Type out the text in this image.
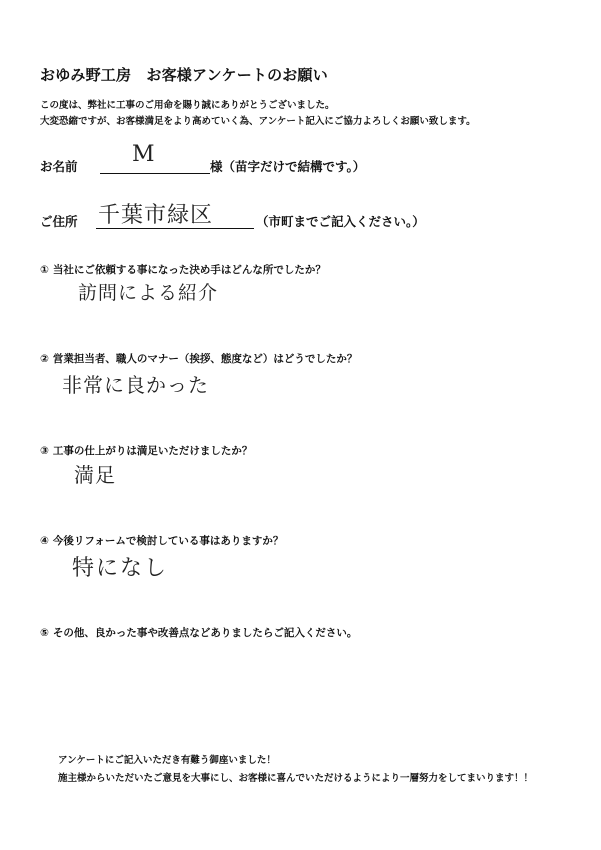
おゆみ野工房　お客様アンケートのお願い
この度は、弊社に工事のご用命を賜り誠にありがとうございました。
大変恐縮ですが、お客様満足をより高めていく為、アンケート記入にご協力よろしくお願い致します。
お名前 M	様（苗字だけで結構です。）
ご住所 千葉市緑区	（市町までご記入ください。）
① 当社にご依頼する事になった決め手はどんな所でしたか？
訪問による紹介
② 営業担当者、職人のマナー（挨拶、態度など）はどうでしたか？
非常に良かった
③ 工事の仕上がりは満足いただけましたか？
満足
④ 今後リフォームで検討している事はありますか？
特になし
⑤ その他、良かった事や改善点などありましたらご記入ください。
アンケートにご記入いただき有難う御座いました！
施主様からいただいたご意見を大事にし、お客様に喜んでいただけるようにより一層努力をしてまいります！！
